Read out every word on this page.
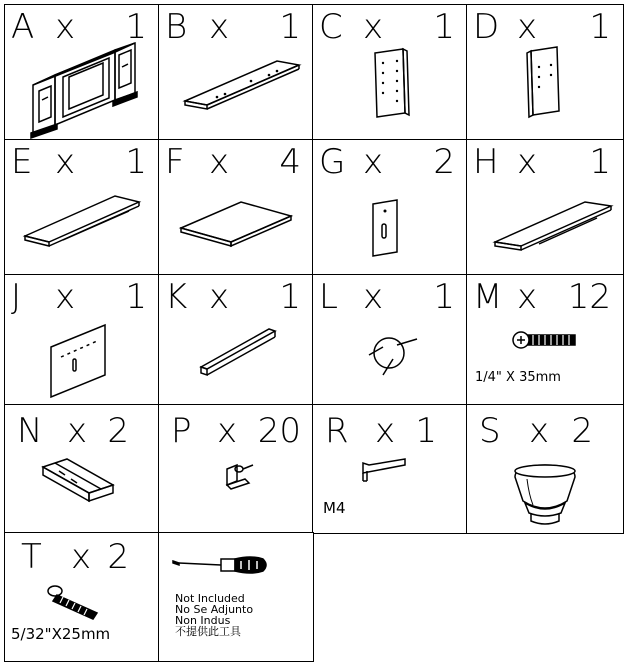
A x 1 B x 1 C x 1 D x 1
E x 1 F x 4 G x 2 H x 1
J x 1 K x 1 L x 1 M x 12
1/4" X 35mm
N x 2 P x 20 R x 1
M4
S x 2
T x 2
5/32"X25mm
Not Included
No Se Adjunto
Non Indus
不提供此工具
